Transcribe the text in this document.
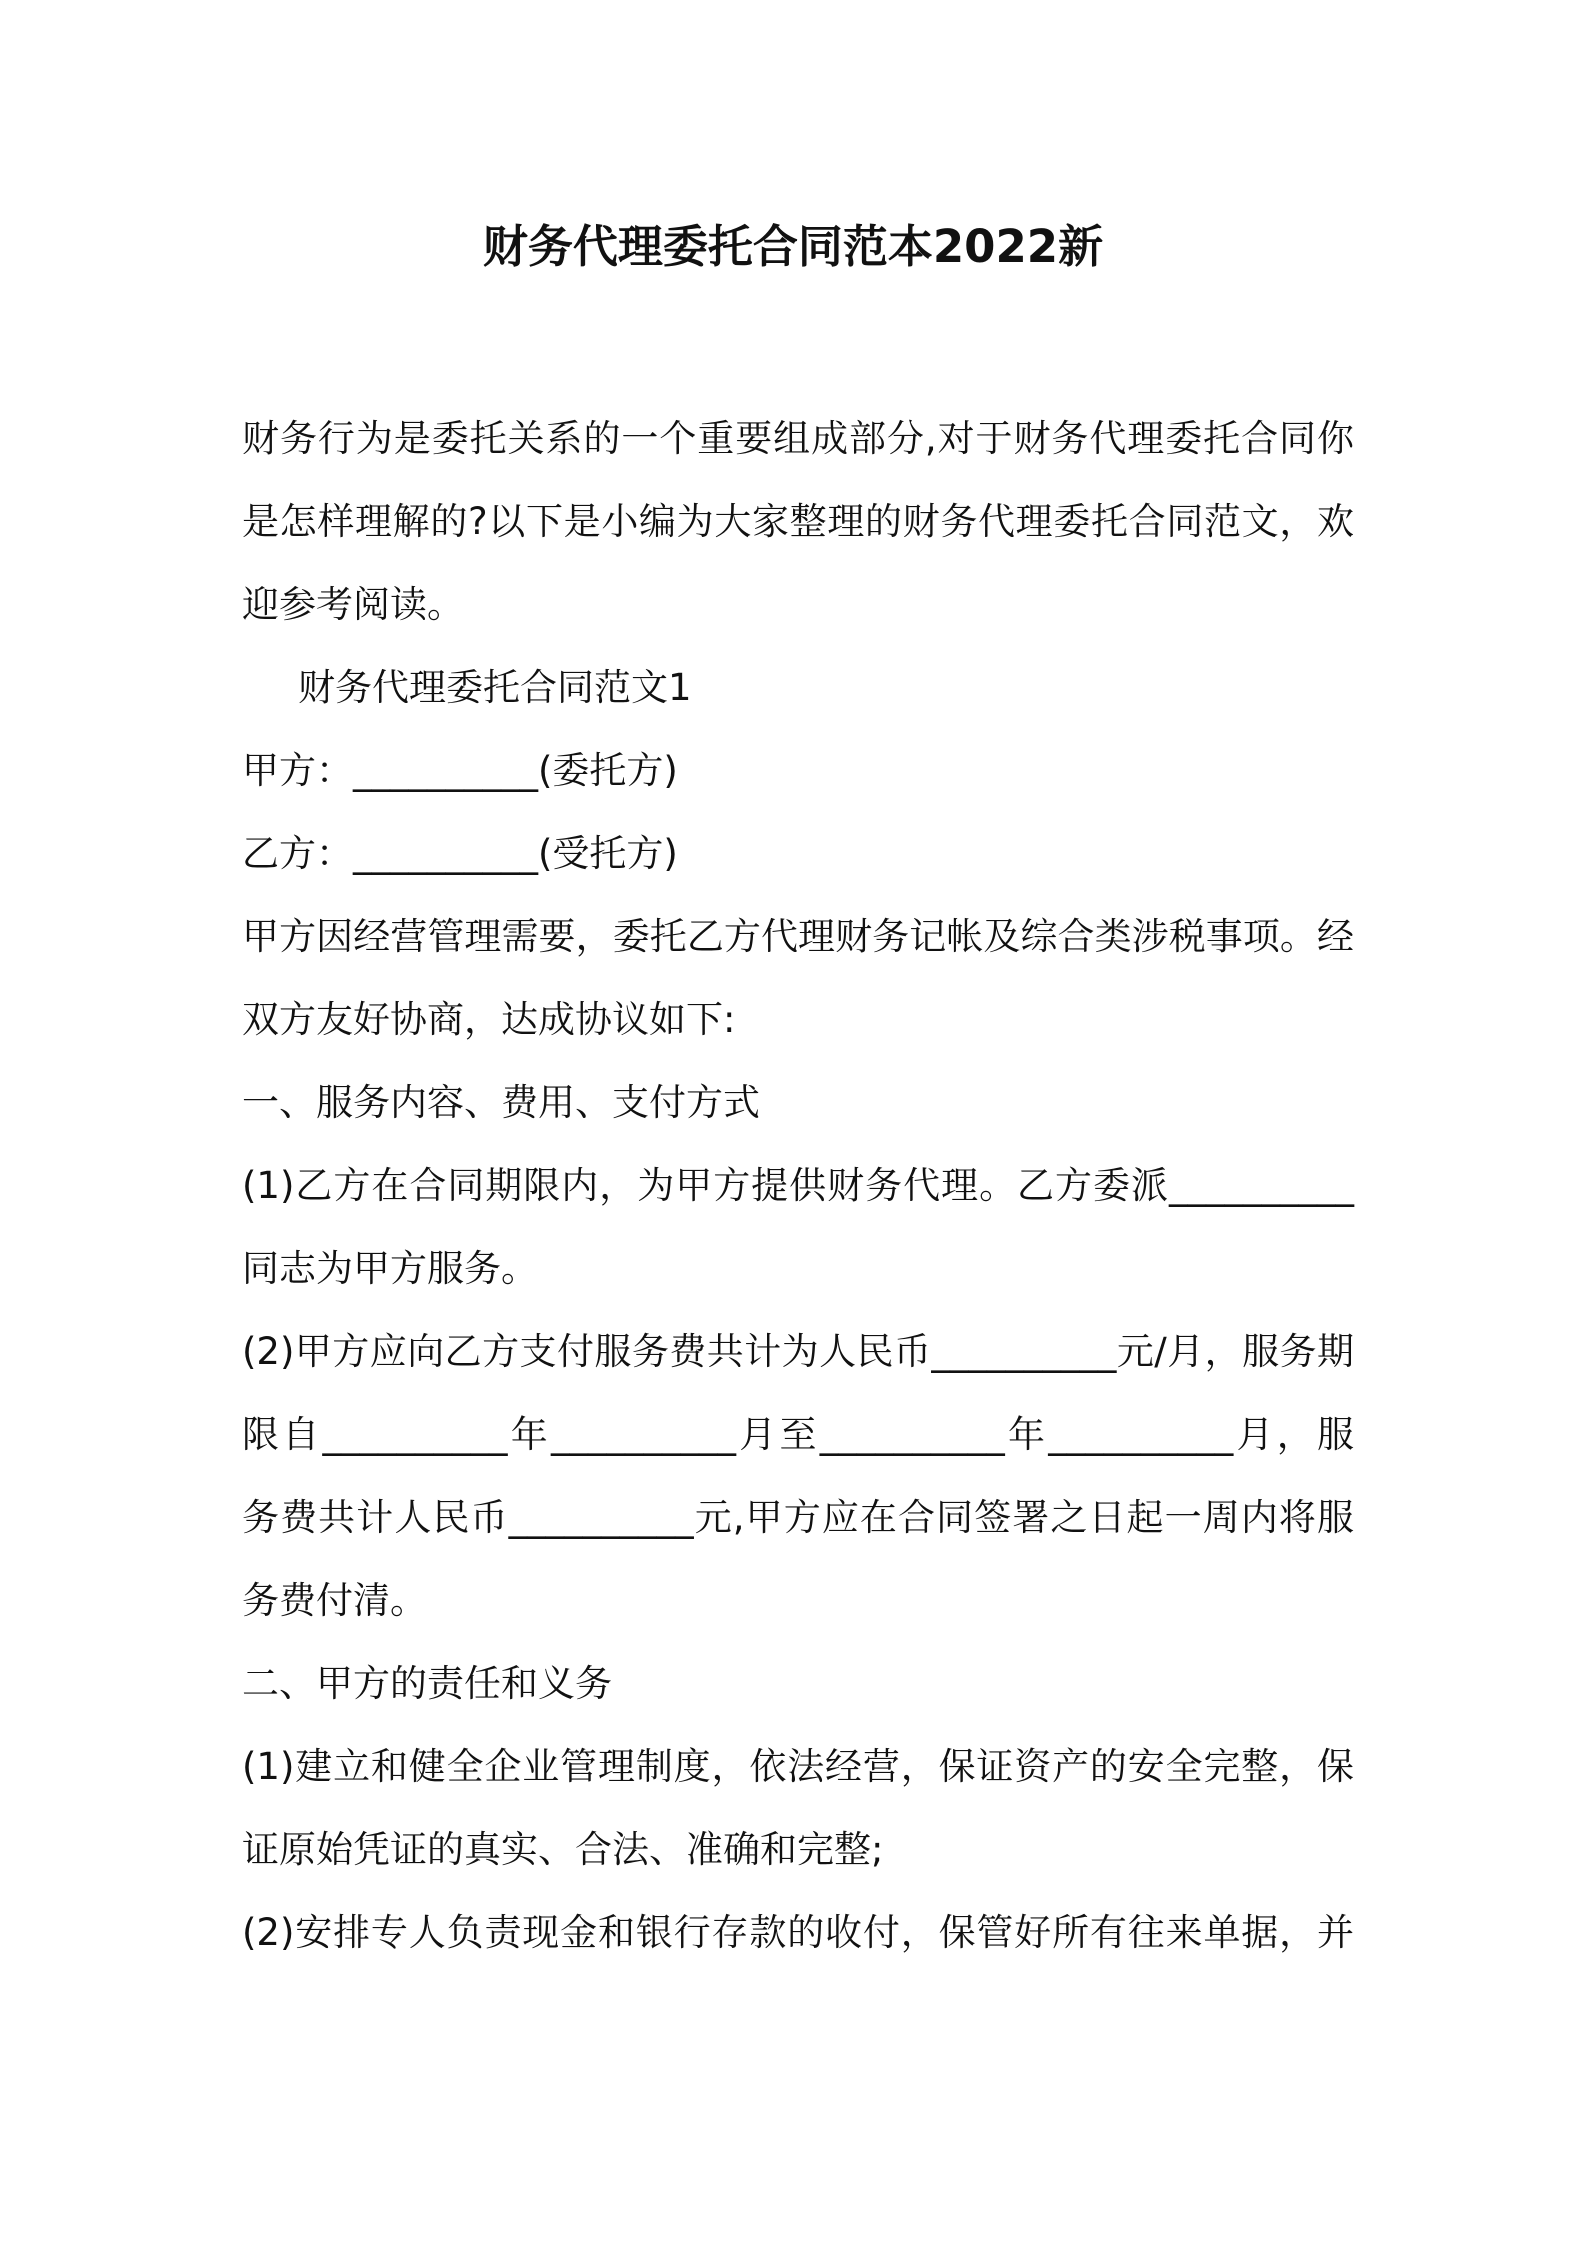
财务代理委托合同范本2022新
财务行为是委托关系的一个重要组成部分,对于财务代理委托合同你
是怎样理解的?以下是小编为大家整理的财务代理委托合同范文，欢
迎参考阅读。
财务代理委托合同范文1
甲方：__________(委托方)
乙方：__________(受托方)
甲方因经营管理需要，委托乙方代理财务记帐及综合类涉税事项。经
双方友好协商，达成协议如下:
一、服务内容、费用、支付方式
(1)乙方在合同期限内，为甲方提供财务代理。乙方委派__________
同志为甲方服务。
(2)甲方应向乙方支付服务费共计为人民币__________元/月，服务期
限自__________年__________月至__________年__________月，服
务费共计人民币__________元,甲方应在合同签署之日起一周内将服
务费付清。
二、甲方的责任和义务
(1)建立和健全企业管理制度，依法经营，保证资产的安全完整，保
证原始凭证的真实、合法、准确和完整;
(2)安排专人负责现金和银行存款的收付，保管好所有往来单据，并
